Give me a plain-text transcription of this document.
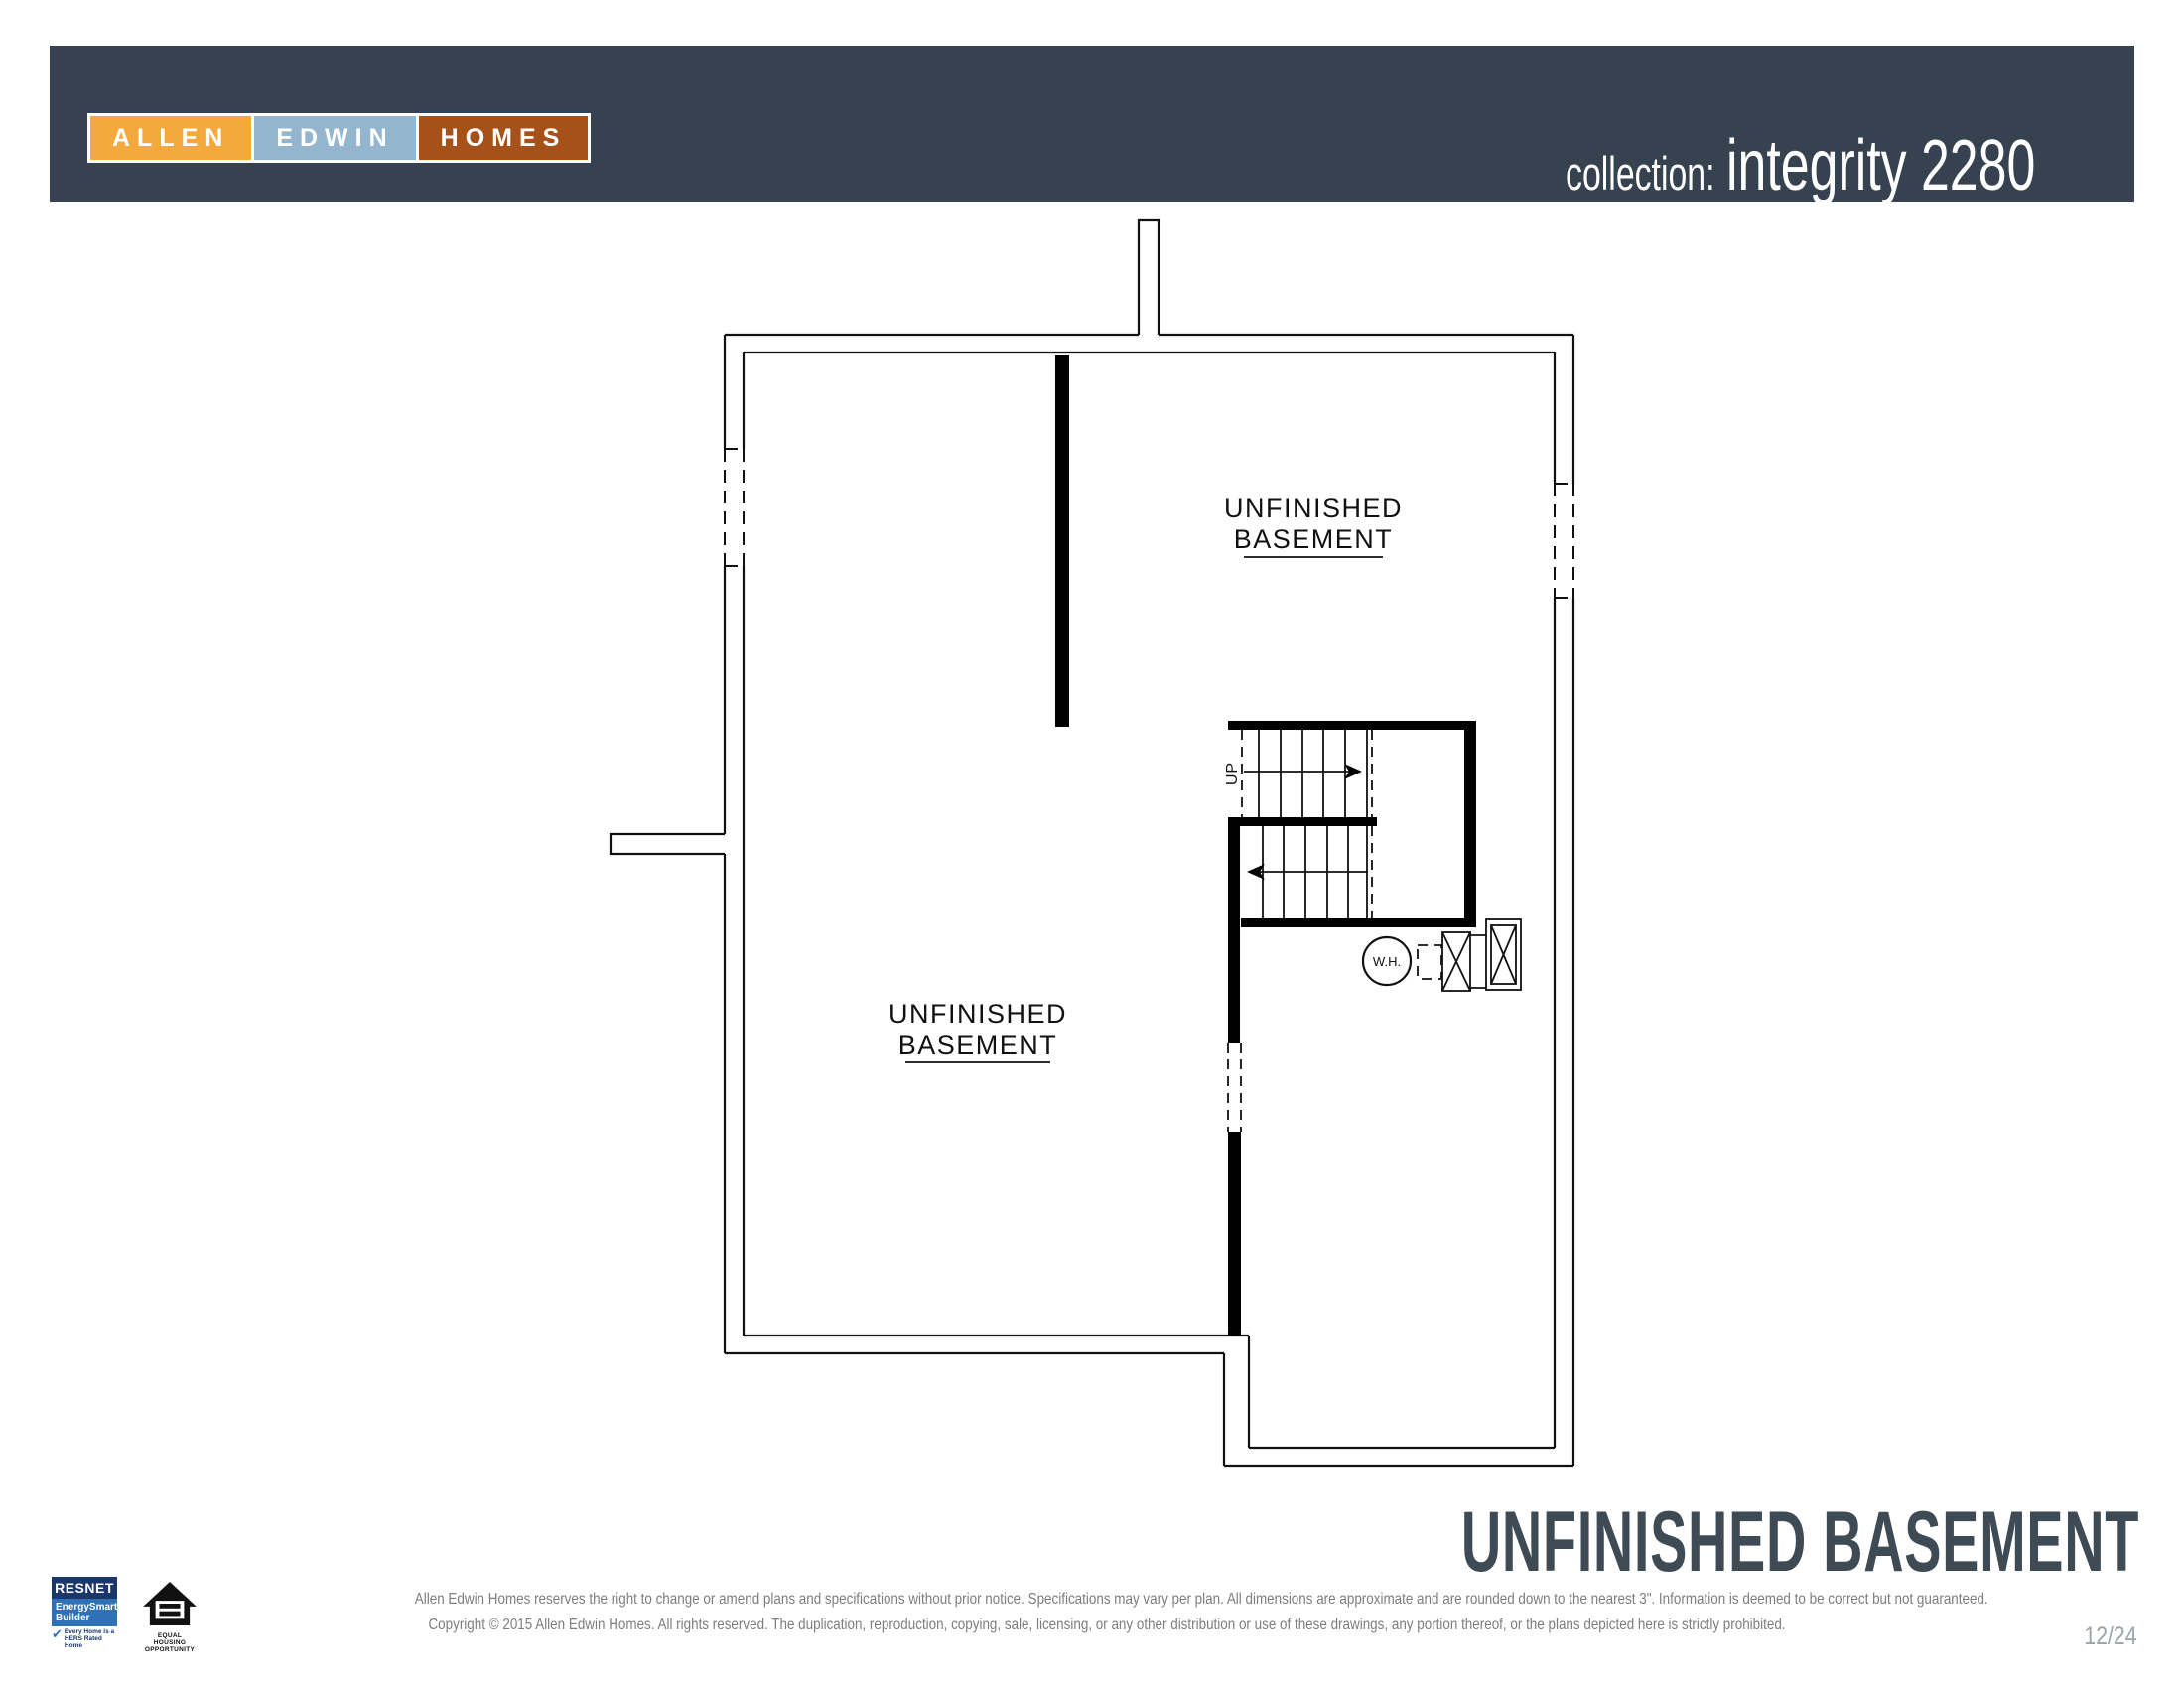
ALLEN	EDWIN	HOMES
collection: integrity 2280
UP
W.H.
UNFINISHED
BASEMENT
UNFINISHED
BASEMENT
UNFINISHED BASEMENT
Allen Edwin Homes reserves the right to change or amend plans and specifications without prior notice. Specifications may vary per plan. All dimensions are approximate and are rounded down to the nearest 3". Information is deemed to be correct but not guaranteed.
Copyright © 2015 Allen Edwin Homes. All rights reserved. The duplication, reproduction, copying, sale, licensing, or any other distribution or use of these drawings, any portion thereof, or the plans depicted here is strictly prohibited.	12/24
RESNET
EnergySmart
Builder
✔ Every Home is a
HERS Rated Home
EQUAL HOUSING
OPPORTUNITY
